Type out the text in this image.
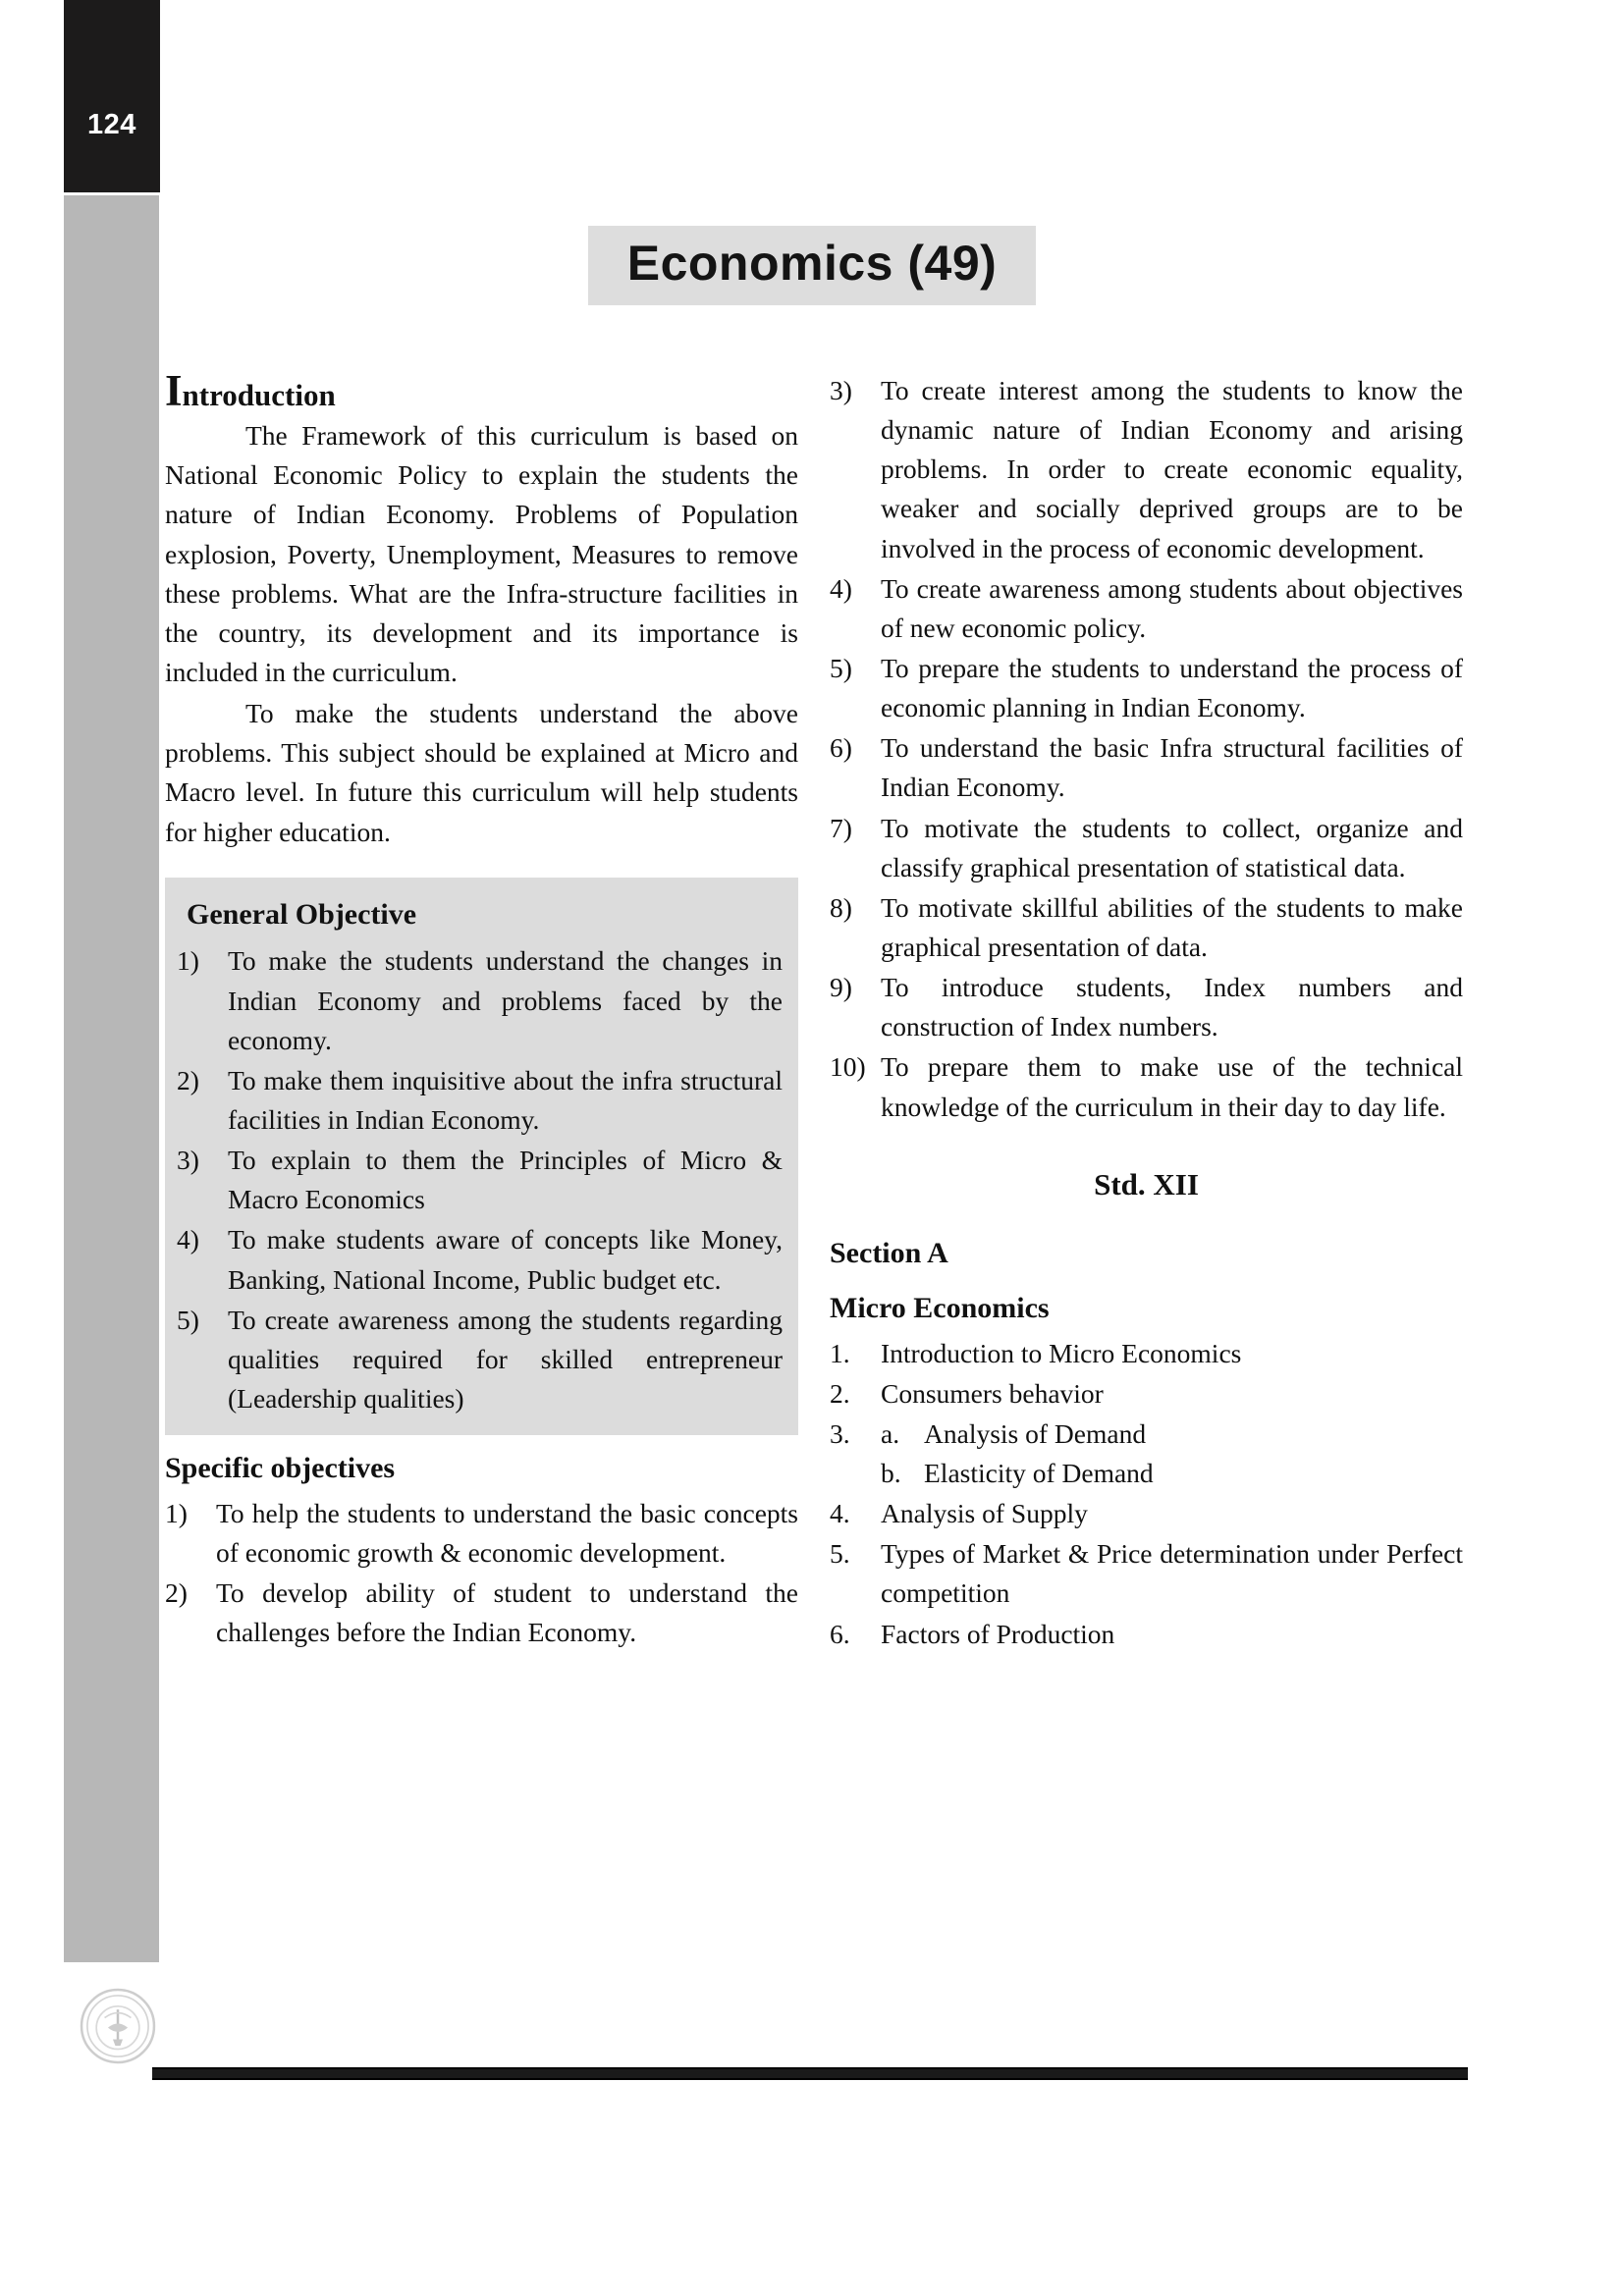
124
Economics (49)
Introduction

The Framework of this curriculum is based on National Economic Policy to explain the students the nature of Indian Economy. Problems of Population explosion, Poverty, Unemployment, Measures to remove these problems. What are the Infra-structure facilities in the country, its development and its importance is included in the curriculum.

To make the students understand the above problems. This subject should be explained at Micro and Macro level. In future this curriculum will help students for higher education.

General Objective
1)	To make the students understand the changes in Indian Economy and problems faced by the economy.
2)	To make them inquisitive about the infra structural facilities in Indian Economy.
3)	To explain to them the Principles of Micro & Macro Economics
4)	To make students aware of concepts like Money, Banking, National Income, Public budget etc.
5)	To create awareness among the students regarding qualities required for skilled entrepreneur (Leadership qualities)
Specific objectives
1)	To help the students to understand the basic concepts of economic growth & economic development.
2)	To develop ability of student to understand the challenges before the Indian Economy.
3)	To create interest among the students to know the dynamic nature of Indian Economy and arising problems. In order to create economic equality, weaker and socially deprived groups are to be involved in the process of economic development.
4)	To create awareness among students about objectives of new economic policy.
5)	To prepare the students to understand the process of economic planning in Indian Economy.
6)	To understand the basic Infra structural facilities of Indian Economy.
7)	To motivate the students to collect, organize and classify graphical presentation of statistical data.
8)	To motivate skillful abilities of the students to make graphical presentation of data.
9)	To introduce students, Index numbers and construction of Index numbers.
10) To prepare them to make use of the technical knowledge of the curriculum in their day to day life.
Std. XII
Section A
Micro Economics
1.	Introduction to Micro Economics
2.	Consumers behavior
3.	a. Analysis of Demand
b. Elasticity of Demand
4.	Analysis of Supply
5.	Types of Market & Price determination under Perfect competition
6.	Factors of Production
